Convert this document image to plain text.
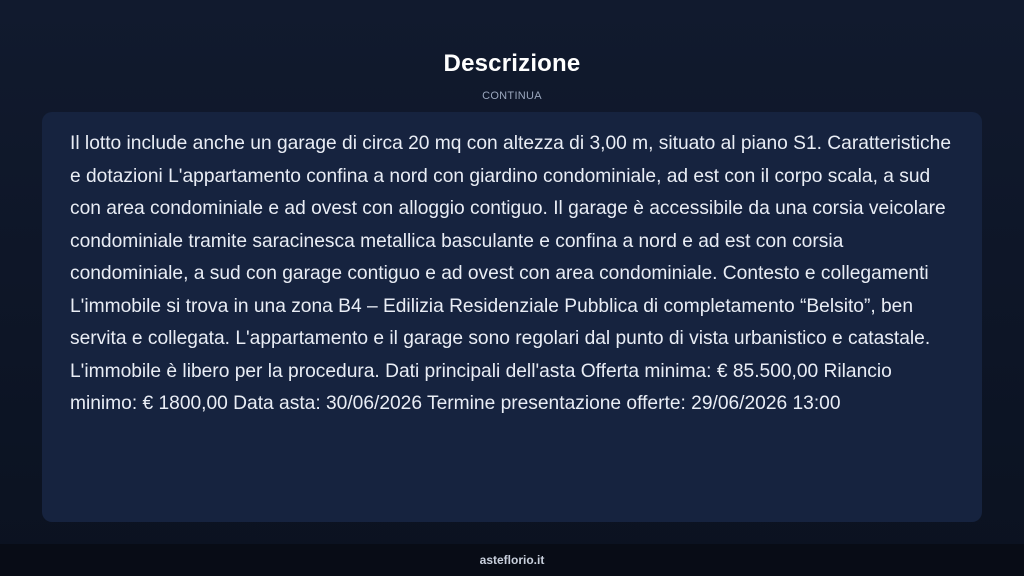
Descrizione
CONTINUA

Il lotto include anche un garage di circa 20 mq con altezza di 3,00 m, situato al piano S1. Caratteristiche e dotazioni L'appartamento confina a nord con giardino condominiale, ad est con il corpo scala, a sud con area condominiale e ad ovest con alloggio contiguo. Il garage è accessibile da una corsia veicolare condominiale tramite saracinesca metallica basculante e confina a nord e ad est con corsia condominiale, a sud con garage contiguo e ad ovest con area condominiale. Contesto e collegamenti L'immobile si trova in una zona B4 – Edilizia Residenziale Pubblica di completamento “Belsito”, ben servita e collegata. L'appartamento e il garage sono regolari dal punto di vista urbanistico e catastale. L'immobile è libero per la procedura. Dati principali dell'asta Offerta minima: € 85.500,00 Rilancio minimo: € 1800,00 Data asta: 30/06/2026 Termine presentazione offerte: 29/06/2026 13:00

asteflorio.it
